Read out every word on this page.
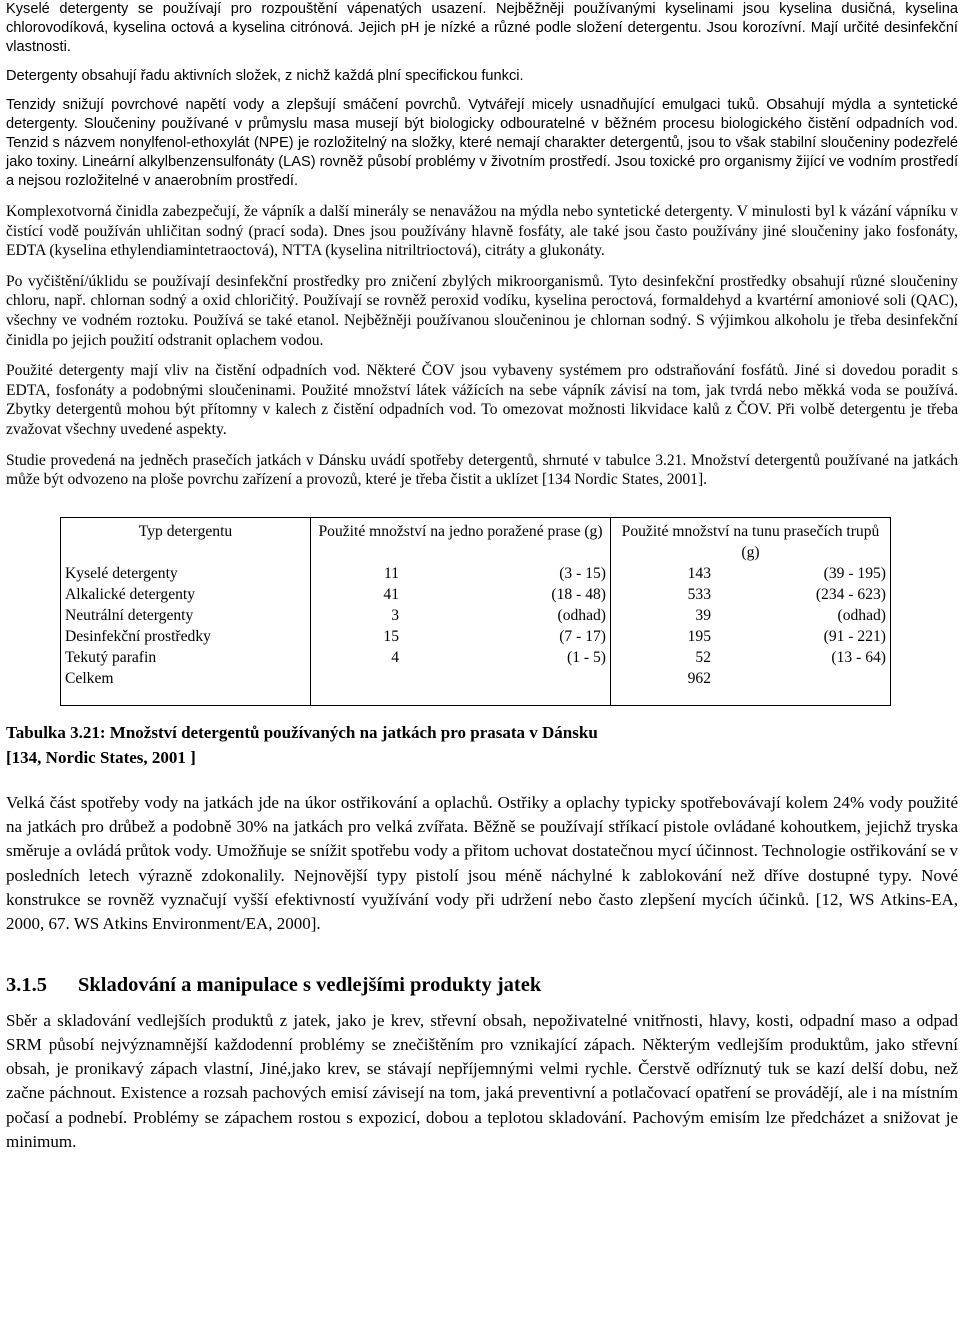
Kyselé detergenty se používají pro rozpouštění vápenatých usazení. Nejběžněji používanými kyselinami jsou kyselina dusičná, kyselina chlorovodíková, kyselina octová a kyselina citrónová. Jejich pH je nízké a různé podle složení detergentu. Jsou korozívní. Mají určité desinfekční vlastnosti.

Detergenty obsahují řadu aktivních složek, z nichž každá plní specifickou funkci.

Tenzidy snižují povrchové napětí vody a zlepšují smáčení povrchů. Vytvářejí micely usnadňující emulgaci tuků. Obsahují mýdla a syntetické detergenty. Sloučeniny používané v průmyslu masa musejí být biologicky odbouratelné v běžném procesu biologického čistění odpadních vod. Tenzid s názvem nonylfenol-ethoxylát (NPE) je rozložitelný na složky, které nemají charakter detergentů, jsou to však stabilní sloučeniny podezřelé jako toxiny. Lineární alkylbenzensulfonáty (LAS) rovněž působí problémy v životním prostředí. Jsou toxické pro organismy žijící ve vodním prostředí a nejsou rozložitelné v anaerobním prostředí.

Komplexotvorná činidla zabezpečují, že vápník a další minerály se nenavážou na mýdla nebo syntetické detergenty. V minulosti byl k vázání vápníku v čistící vodě používán uhličitan sodný (prací soda). Dnes jsou používány hlavně fosfáty, ale také jsou často používány jiné sloučeniny jako fosfonáty, EDTA (kyselina ethylendiamintetraoctová), NTTA (kyselina nitriltrioctová), citráty a glukonáty.

Po vyčištění/úklidu se používají desinfekční prostředky pro zničení zbylých mikroorganismů. Tyto desinfekční prostředky obsahují různé sloučeniny chloru, např. chlornan sodný a oxid chloričitý. Používají se rovněž peroxid vodíku, kyselina peroctová, formaldehyd a kvartérní amoniové soli (QAC), všechny ve vodném roztoku. Používá se také etanol. Nejběžněji používanou sloučeninou je chlornan sodný. S výjimkou alkoholu je třeba desinfekční činidla po jejich použití odstranit oplachem vodou.

Použité detergenty mají vliv na čistění odpadních vod. Některé ČOV jsou vybaveny systémem pro odstraňování fosfátů. Jiné si dovedou poradit s EDTA, fosfonáty a podobnými sloučeninami. Použité množství látek vážících na sebe vápník závisí na tom, jak tvrdá nebo měkká voda se používá. Zbytky detergentů mohou být přítomny v kalech z čistění odpadních vod. To omezovat možnosti likvidace kalů z ČOV. Při volbě detergentu je třeba zvažovat všechny uvedené aspekty.

Studie provedená na jedněch prasečích jatkách v Dánsku uvádí spotřeby detergentů, shrnuté v tabulce 3.21. Množství detergentů používané na jatkách může být odvozeno na ploše povrchu zařízení a provozů, které je třeba čistit a uklízet [134 Nordic States, 2001].

Typ detergentu	Použité množství na jedno poražené prase (g)	Použité množství na tunu prasečích trupů (g)
Kyselé detergenty	11 (3 - 15)	143 (39 - 195)

Alkalické detergenty	41 (18 - 48)	533 (234 - 623)

Neutrální detergenty	3 (odhad)	39 (odhad)

Desinfekční prostředky	15 (7 - 17)	195 (91 - 221)

Tekutý parafin	4 (1 - 5)	52 (13 - 64)

Celkem		962
Tabulka 3.21: Množství detergentů používaných na jatkách pro prasata v Dánsku
[134, Nordic States, 2001 ]

Velká část spotřeby vody na jatkách jde na úkor ostřikování a oplachů. Ostřiky a oplachy typicky spotřebovávají kolem 24% vody použité na jatkách pro drůbež a podobně 30% na jatkách pro velká zvířata. Běžně se používají stříkací pistole ovládané kohoutkem, jejichž tryska směruje a ovládá průtok vody. Umožňuje se snížit spotřebu vody a přitom uchovat dostatečnou mycí účinnost. Technologie ostřikování se v posledních letech výrazně zdokonalily. Nejnovější typy pistolí jsou méně náchylné k zablokování než dříve dostupné typy. Nové konstrukce se rovněž vyznačují vyšší efektivností využívání vody při udržení nebo často zlepšení mycích účinků. [12, WS Atkins-EA, 2000, 67. WS Atkins Environment/EA, 2000].

3.1.5	Skladování a manipulace s vedlejšími produkty jatek

Sběr a skladování vedlejších produktů z jatek, jako je krev, střevní obsah, nepoživatelné vnitřnosti, hlavy, kosti, odpadní maso a odpad SRM působí nejvýznamnější každodenní problémy se znečištěním pro vznikající zápach. Některým vedlejším produktům, jako střevní obsah, je pronikavý zápach vlastní, Jiné,jako krev, se stávají nepříjemnými velmi rychle. Čerstvě odříznutý tuk se kazí delší dobu, než začne páchnout. Existence a rozsah pachových emisí závisejí na tom, jaká preventivní a potlačovací opatření se provádějí, ale i na místním počasí a podnebí. Problémy se zápachem rostou s expozicí, dobou a teplotou skladování. Pachovým emisím lze předcházet a snižovat je minimum.
